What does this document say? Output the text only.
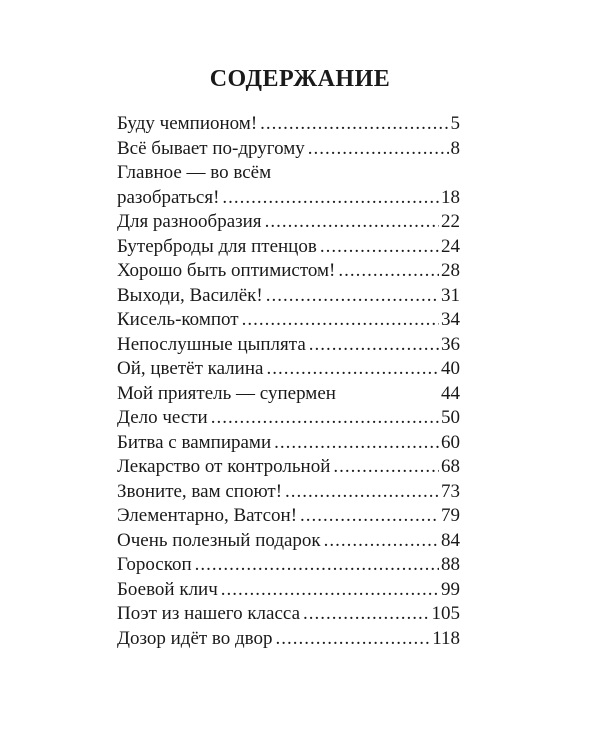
СОДЕРЖАНИЕ
Буду чемпионом! .....	5
Всё бывает по-другому .....	8
Главное — во всём
разобраться! .....	18
Для разнообразия .....	22
Бутерброды для птенцов .....	24
Хорошо быть оптимистом! .....	28
Выходи, Василёк! .....	31
Кисель-компот .....	34
Непослушные цыплята .....	36
Ой, цветёт калина .....	40
Мой приятель — супермен	44
Дело чести .....	50
Битва с вампирами .....	60
Лекарство от контрольной .....	68
Звоните, вам споют! .....	73
Элементарно, Ватсон! .....	79
Очень полезный подарок .....	84
Гороскоп .....	88
Боевой клич .....	99
Поэт из нашего класса .....	105
Дозор идёт во двор .....	118
